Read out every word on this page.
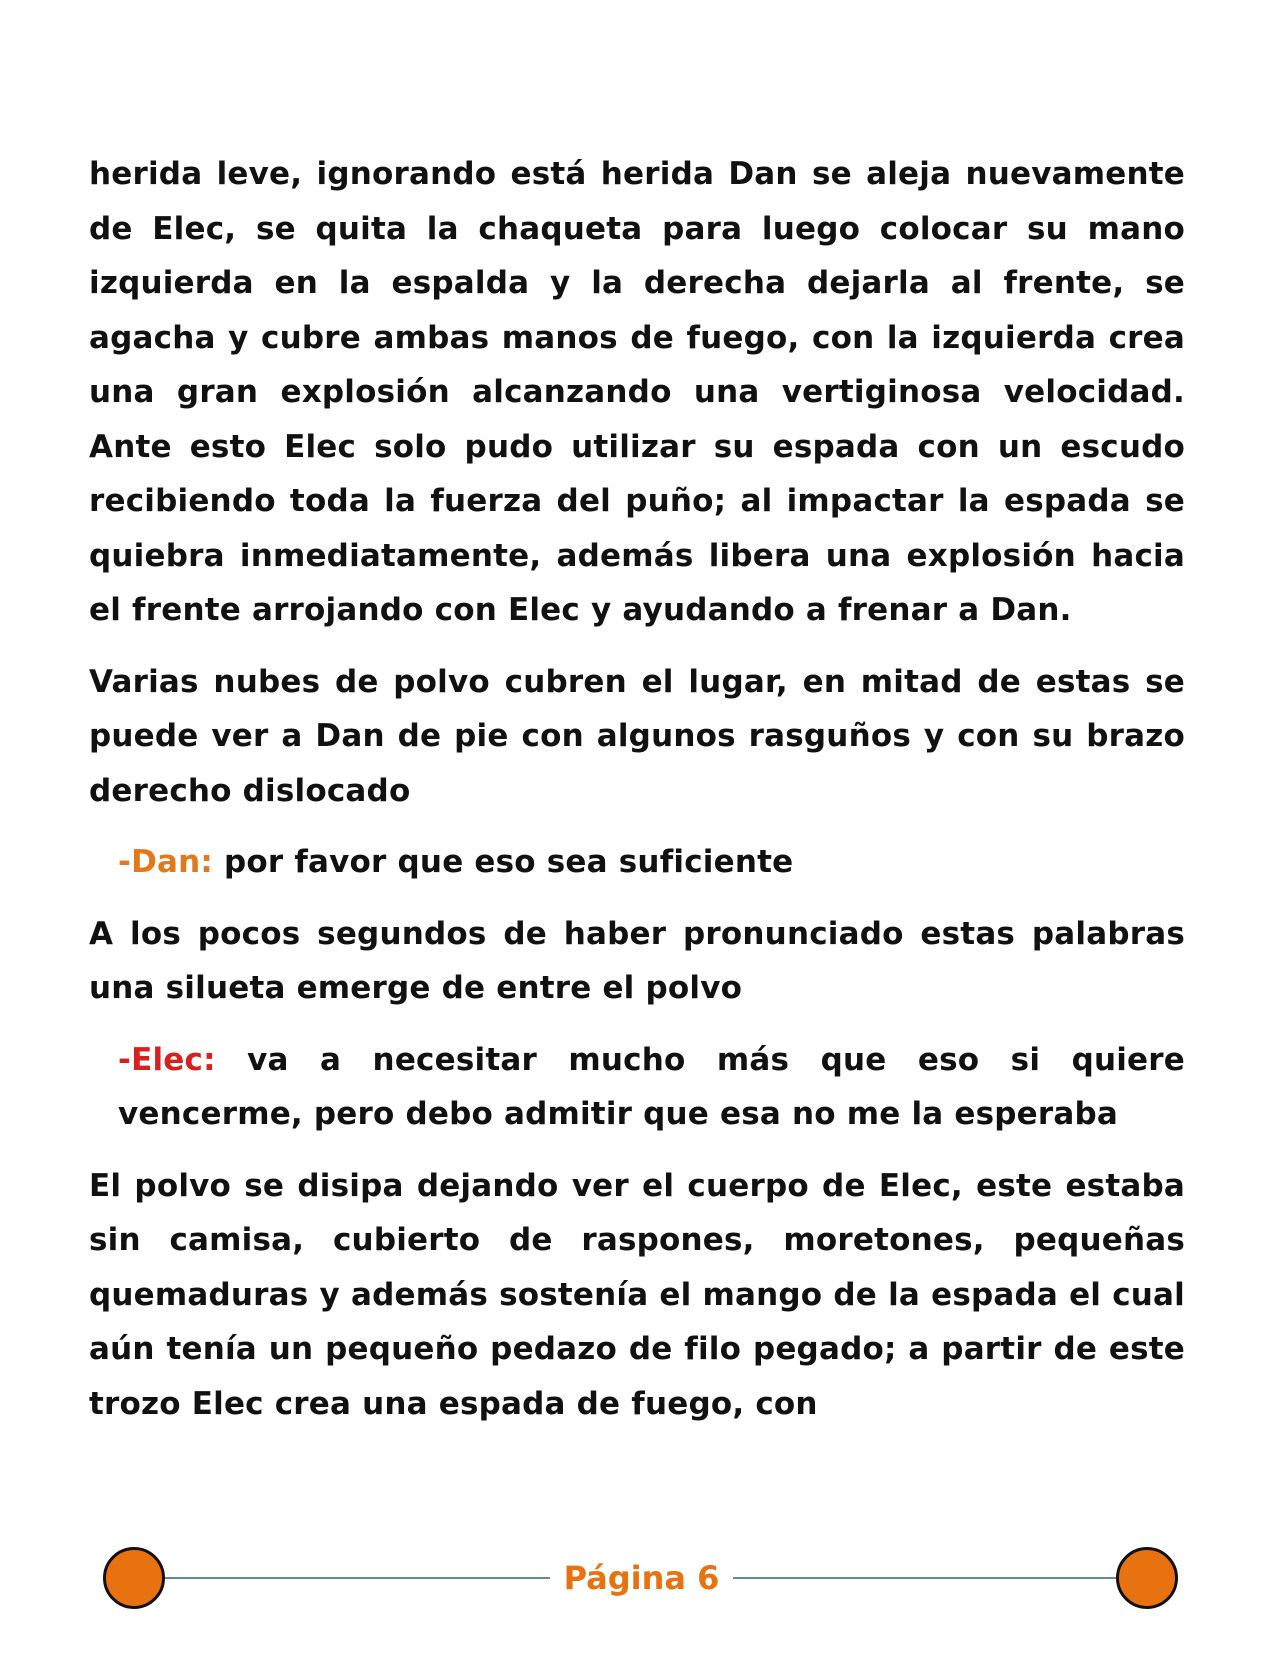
herida leve, ignorando está herida Dan se aleja nuevamente de Elec, se quita la chaqueta para luego colocar su mano izquierda en la espalda y la derecha dejarla al frente, se agacha y cubre ambas manos de fuego, con la izquierda crea una gran explosión alcanzando una vertiginosa velocidad. Ante esto Elec solo pudo utilizar su espada con un escudo recibiendo toda la fuerza del puño; al impactar la espada se quiebra inmediatamente, además libera una explosión hacia el frente arrojando con Elec y ayudando a frenar a Dan.

Varias nubes de polvo cubren el lugar, en mitad de estas se puede ver a Dan de pie con algunos rasguños y con su brazo derecho dislocado

-Dan: por favor que eso sea suficiente

A los pocos segundos de haber pronunciado estas palabras una silueta emerge de entre el polvo

-Elec: va a necesitar mucho más que eso si quiere vencerme, pero debo admitir que esa no me la esperaba

El polvo se disipa dejando ver el cuerpo de Elec, este estaba sin camisa, cubierto de raspones, moretones, pequeñas quemaduras y además sostenía el mango de la espada el cual aún tenía un pequeño pedazo de filo pegado; a partir de este trozo Elec crea una espada de fuego, con

Página 6
